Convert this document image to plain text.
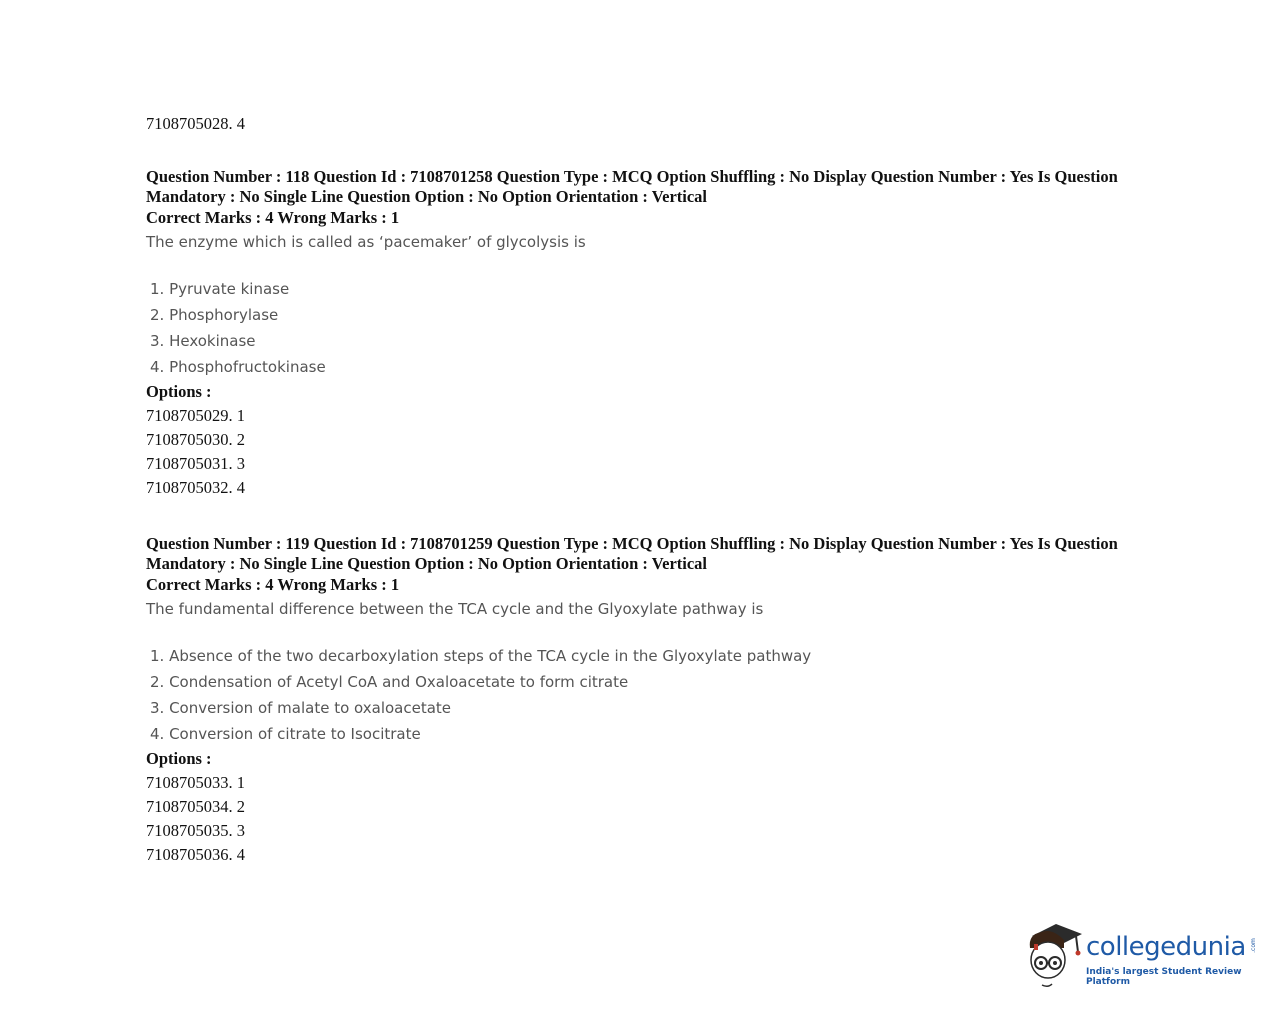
7108705028. 4

Question Number : 118 Question Id : 7108701258 Question Type : MCQ Option Shuffling : No Display Question Number : Yes Is Question Mandatory : No Single Line Question Option : No Option Orientation : Vertical

Correct Marks : 4 Wrong Marks : 1

The enzyme which is called as ‘pacemaker’ of glycolysis is

1. Pyruvate kinase
2. Phosphorylase
3. Hexokinase
4. Phosphofructokinase

Options :

7108705029. 1

7108705030. 2

7108705031. 3

7108705032. 4

Question Number : 119 Question Id : 7108701259 Question Type : MCQ Option Shuffling : No Display Question Number : Yes Is Question Mandatory : No Single Line Question Option : No Option Orientation : Vertical

Correct Marks : 4 Wrong Marks : 1

The fundamental difference between the TCA cycle and the Glyoxylate pathway is

1. Absence of the two decarboxylation steps of the TCA cycle in the Glyoxylate pathway
2. Condensation of Acetyl CoA and Oxaloacetate to form citrate
3. Conversion of malate to oxaloacetate
4. Conversion of citrate to Isocitrate

Options :

7108705033. 1

7108705034. 2

7108705035. 3

7108705036. 4

collegedunia .com
India's largest Student Review Platform
